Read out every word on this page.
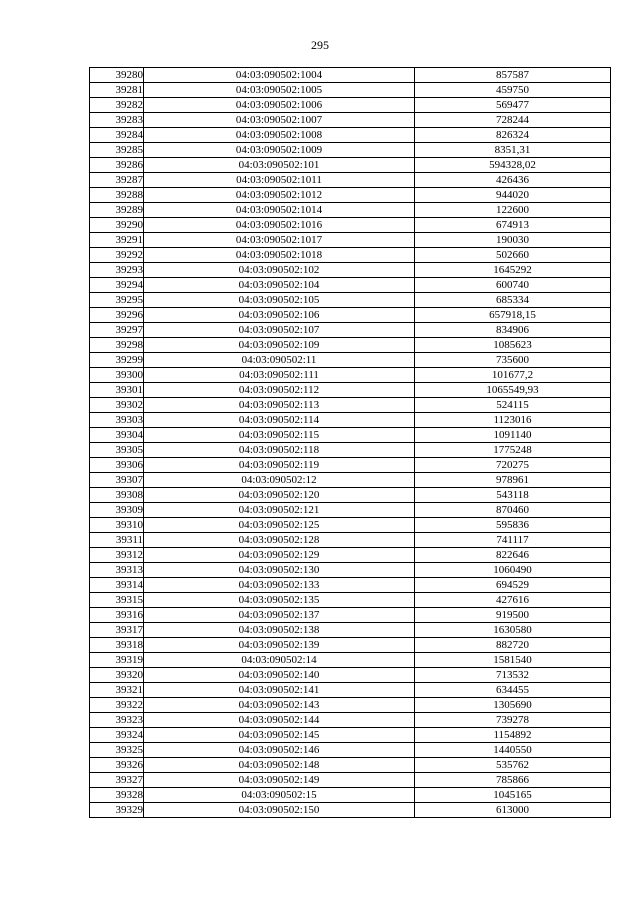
295
39280	04:03:090502:1004	857587
39281	04:03:090502:1005	459750
39282	04:03:090502:1006	569477
39283	04:03:090502:1007	728244
39284	04:03:090502:1008	826324
39285	04:03:090502:1009	8351,31
39286	04:03:090502:101	594328,02
39287	04:03:090502:1011	426436
39288	04:03:090502:1012	944020
39289	04:03:090502:1014	122600
39290	04:03:090502:1016	674913
39291	04:03:090502:1017	190030
39292	04:03:090502:1018	502660
39293	04:03:090502:102	1645292
39294	04:03:090502:104	600740
39295	04:03:090502:105	685334
39296	04:03:090502:106	657918,15
39297	04:03:090502:107	834906
39298	04:03:090502:109	1085623
39299	04:03:090502:11	735600
39300	04:03:090502:111	101677,2
39301	04:03:090502:112	1065549,93
39302	04:03:090502:113	524115
39303	04:03:090502:114	1123016
39304	04:03:090502:115	1091140
39305	04:03:090502:118	1775248
39306	04:03:090502:119	720275
39307	04:03:090502:12	978961
39308	04:03:090502:120	543118
39309	04:03:090502:121	870460
39310	04:03:090502:125	595836
39311	04:03:090502:128	741117
39312	04:03:090502:129	822646
39313	04:03:090502:130	1060490
39314	04:03:090502:133	694529
39315	04:03:090502:135	427616
39316	04:03:090502:137	919500
39317	04:03:090502:138	1630580
39318	04:03:090502:139	882720
39319	04:03:090502:14	1581540
39320	04:03:090502:140	713532
39321	04:03:090502:141	634455
39322	04:03:090502:143	1305690
39323	04:03:090502:144	739278
39324	04:03:090502:145	1154892
39325	04:03:090502:146	1440550
39326	04:03:090502:148	535762
39327	04:03:090502:149	785866
39328	04:03:090502:15	1045165
39329	04:03:090502:150	613000
